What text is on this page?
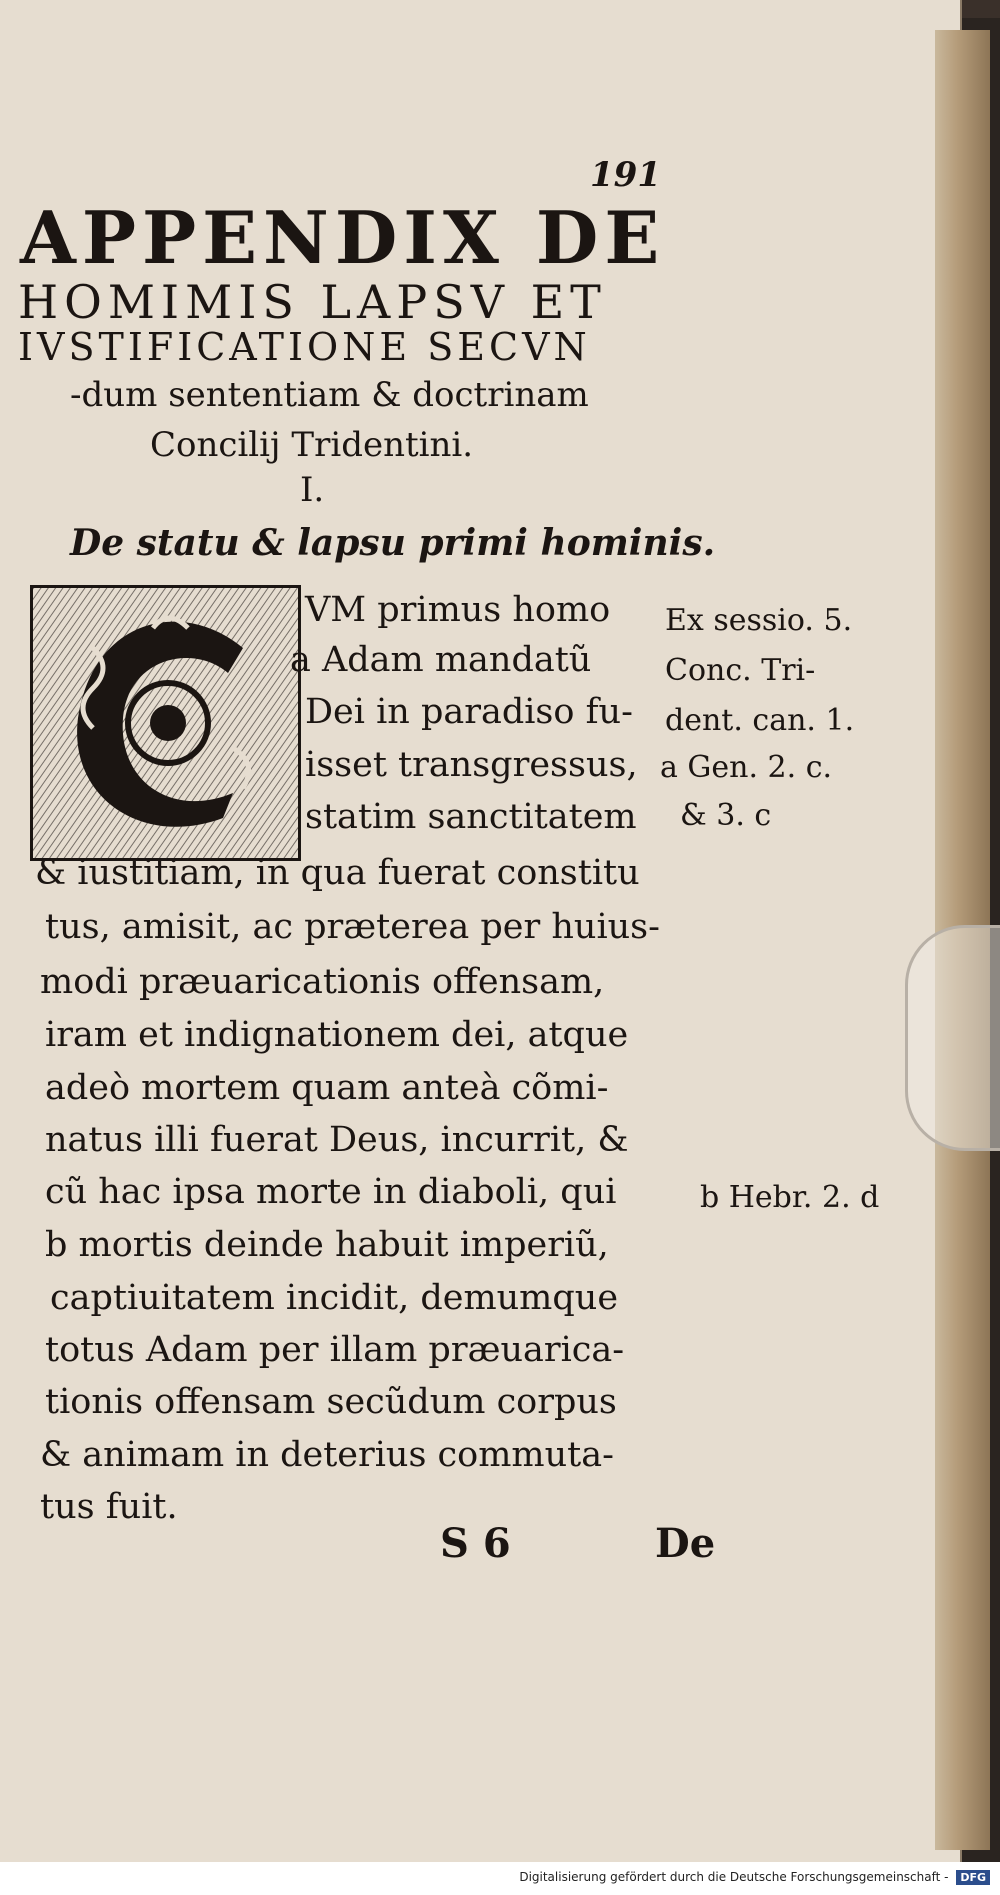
191
APPENDIX DE
HOMIMIS LAPSV ET
IVSTIFICATIONE SECVN
-dum sententiam & doctrinam
Concilij Tridentini.
I.
De statu & lapsu primi hominis.
VM primus homo
a Adam mandatũ
Dei in paradiso fu-
isset transgressus,
statim sanctitatem
& iustitiam, in qua fuerat constitu
tus, amisit, ac præterea per huius-
modi præuaricationis offensam,
iram et indignationem dei, atque
adeò mortem quam anteà cõmi-
natus illi fuerat Deus, incurrit, &
cũ hac ipsa morte in diaboli, qui
b mortis deinde habuit imperiũ,
captiuitatem incidit, demumque
totus Adam per illam præuarica-
tionis offensam secũdum corpus
& animam in deterius commuta-
tus fuit.
Ex sessio. 5.
Conc. Tri-
dent. can. 1.
a Gen. 2. c.
& 3. c
b Hebr. 2. d
S 6	De
Digitalisierung gefördert durch die Deutsche Forschungsgemeinschaft - DFG
